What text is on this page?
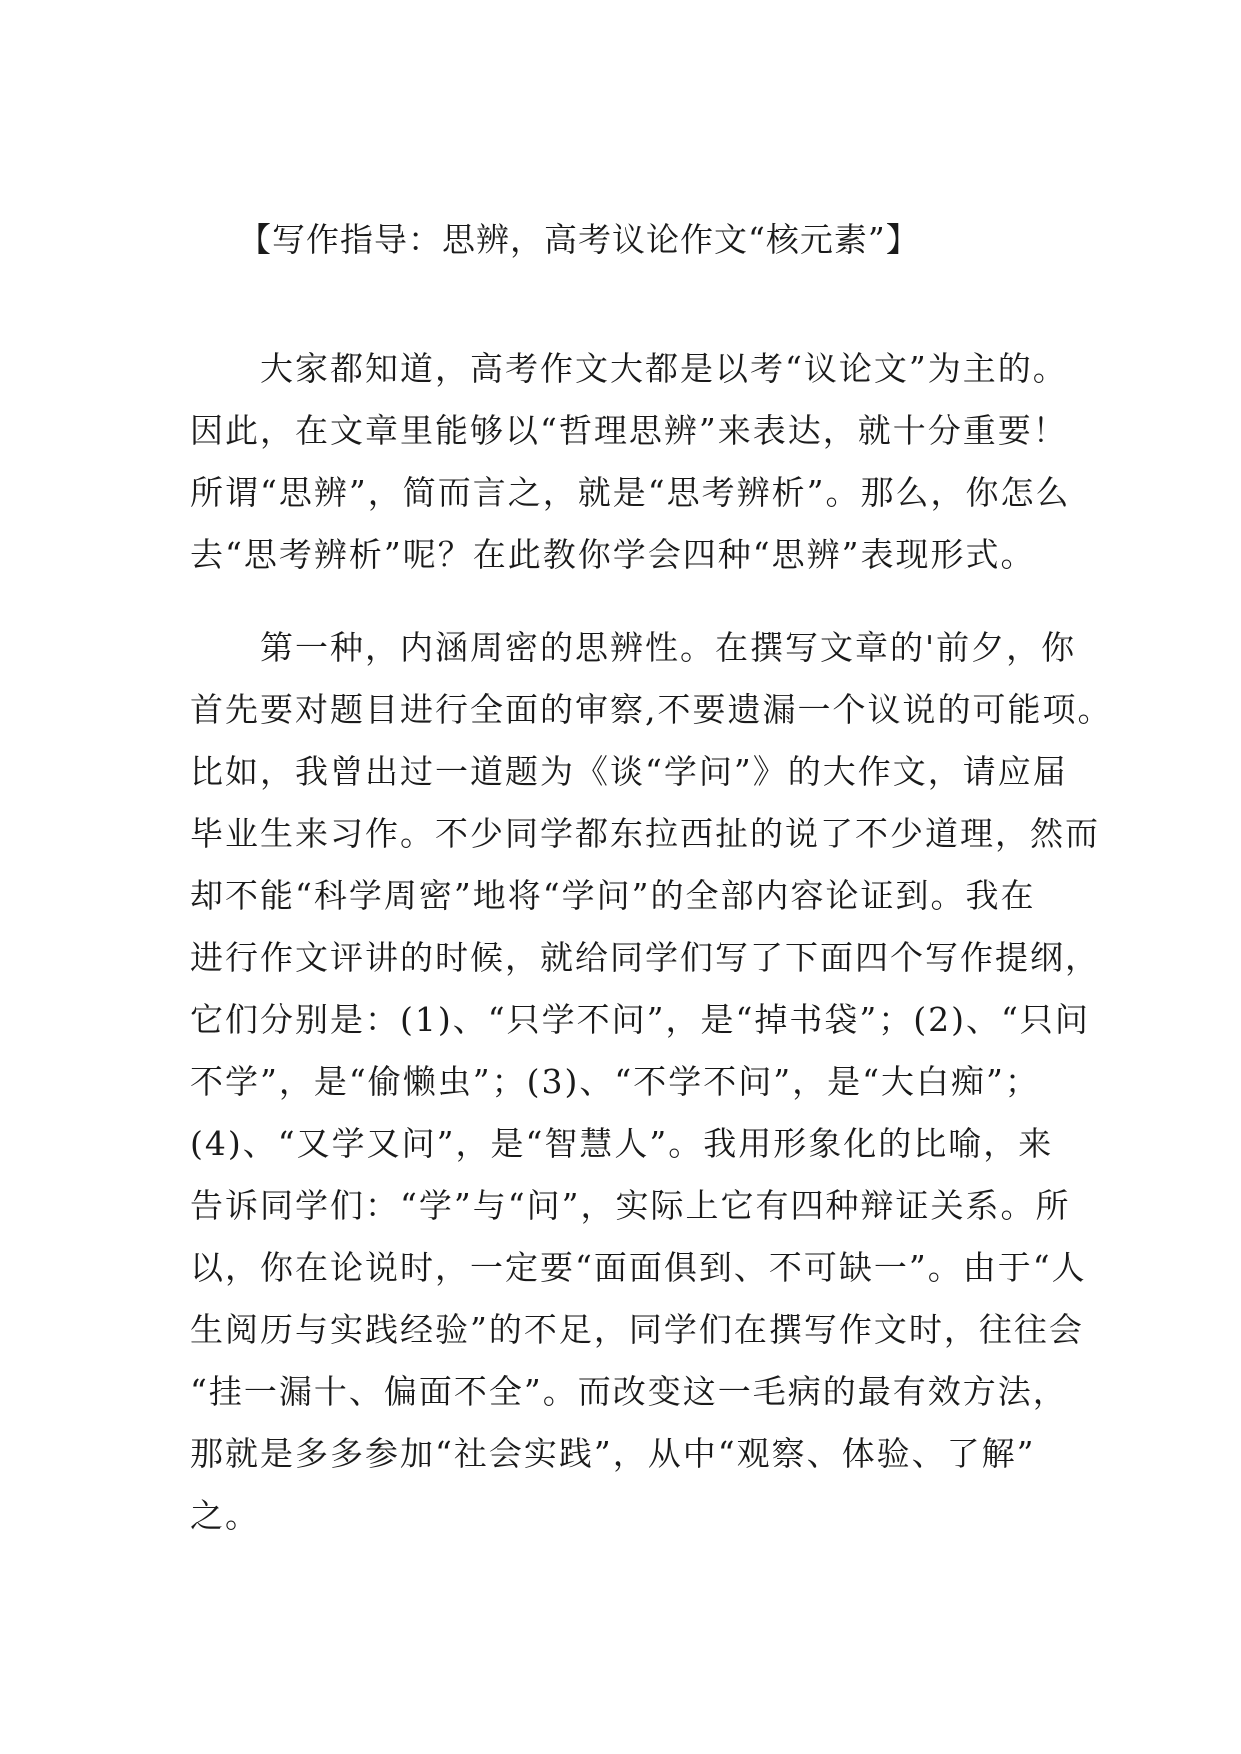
【写作指导：思辨，高考议论作文“核元素”】

　　大家都知道，高考作文大都是以考“议论文”为主的。
因此，在文章里能够以“哲理思辨”来表达，就十分重要！
所谓“思辨”，简而言之，就是“思考辨析”。那么，你怎么
去“思考辨析”呢？在此教你学会四种“思辨”表现形式。

　　第一种，内涵周密的思辨性。在撰写文章的'前夕，你
首先要对题目进行全面的审察,不要遗漏一个议说的可能项。
比如，我曾出过一道题为《谈“学问”》的大作文，请应届
毕业生来习作。不少同学都东拉西扯的说了不少道理，然而
却不能“科学周密”地将“学问”的全部内容论证到。我在
进行作文评讲的时候，就给同学们写了下面四个写作提纲，
它们分别是：(1)、“只学不问”，是“掉书袋”；(2)、“只问
不学”，是“偷懒虫”；(3)、“不学不问”，是“大白痴”；
(4)、“又学又问”，是“智慧人”。我用形象化的比喻，来
告诉同学们：“学”与“问”，实际上它有四种辩证关系。所
以，你在论说时，一定要“面面俱到、不可缺一”。由于“人
生阅历与实践经验”的不足，同学们在撰写作文时，往往会
“挂一漏十、偏面不全”。而改变这一毛病的最有效方法，
那就是多多参加“社会实践”，从中“观察、体验、了解”
之。
